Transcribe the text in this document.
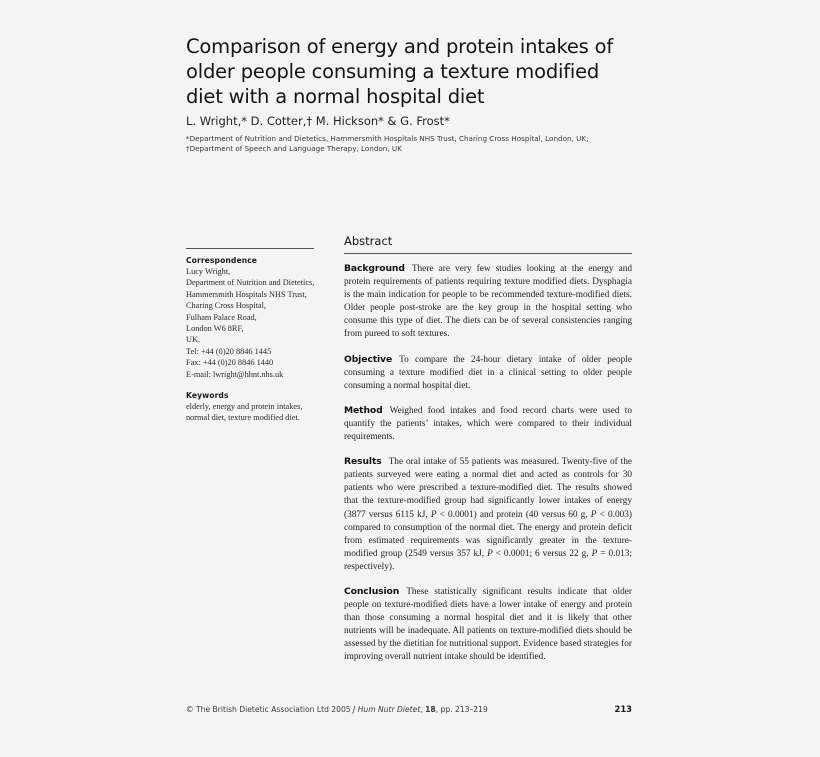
Comparison of energy and protein intakes of older people consuming a texture modified diet with a normal hospital diet
L. Wright,* D. Cotter,† M. Hickson* & G. Frost*
*Department of Nutrition and Dietetics, Hammersmith Hospitals NHS Trust, Charing Cross Hospital, London, UK;
†Department of Speech and Language Therapy, London, UK
Correspondence
Lucy Wright,
Department of Nutrition and Dietetics,
Hammersmith Hospitals NHS Trust,
Charing Cross Hospital,
Fulham Palace Road,
London W6 8RF,
UK.
Tel: +44 (0)20 8846 1445
Fax: +44 (0)20 8846 1440
E-mail: lwright@hhnt.nhs.uk
Keywords
elderly, energy and protein intakes, normal diet, texture modified diet.
Abstract

Background There are very few studies looking at the energy and protein requirements of patients requiring texture modified diets. Dysphagia is the main indication for people to be recommended texture-modified diets. Older people post-stroke are the key group in the hospital setting who consume this type of diet. The diets can be of several consistencies ranging from pureed to soft textures.

Objective To compare the 24-hour dietary intake of older people consuming a texture modified diet in a clinical setting to older people consuming a normal hospital diet.

Method Weighed food intakes and food record charts were used to quantify the patients’ intakes, which were compared to their individual requirements.

Results The oral intake of 55 patients was measured. Twenty-five of the patients surveyed were eating a normal diet and acted as controls for 30 patients who were prescribed a texture-modified diet. The results showed that the texture-modified group had significantly lower intakes of energy (3877 versus 6115 kJ, P < 0.0001) and protein (40 versus 60 g, P < 0.003) compared to consumption of the normal diet. The energy and protein deficit from estimated requirements was significantly greater in the texture-modified group (2549 versus 357 kJ, P < 0.0001; 6 versus 22 g, P = 0.013; respectively).

Conclusion These statistically significant results indicate that older people on texture-modified diets have a lower intake of energy and protein than those consuming a normal hospital diet and it is likely that other nutrients will be inadequate. All patients on texture-modified diets should be assessed by the dietitian for nutritional support. Evidence based strategies for improving overall nutrient intake should be identified.

© The British Dietetic Association Ltd 2005 J Hum Nutr Dietet, 18, pp. 213–219	213
